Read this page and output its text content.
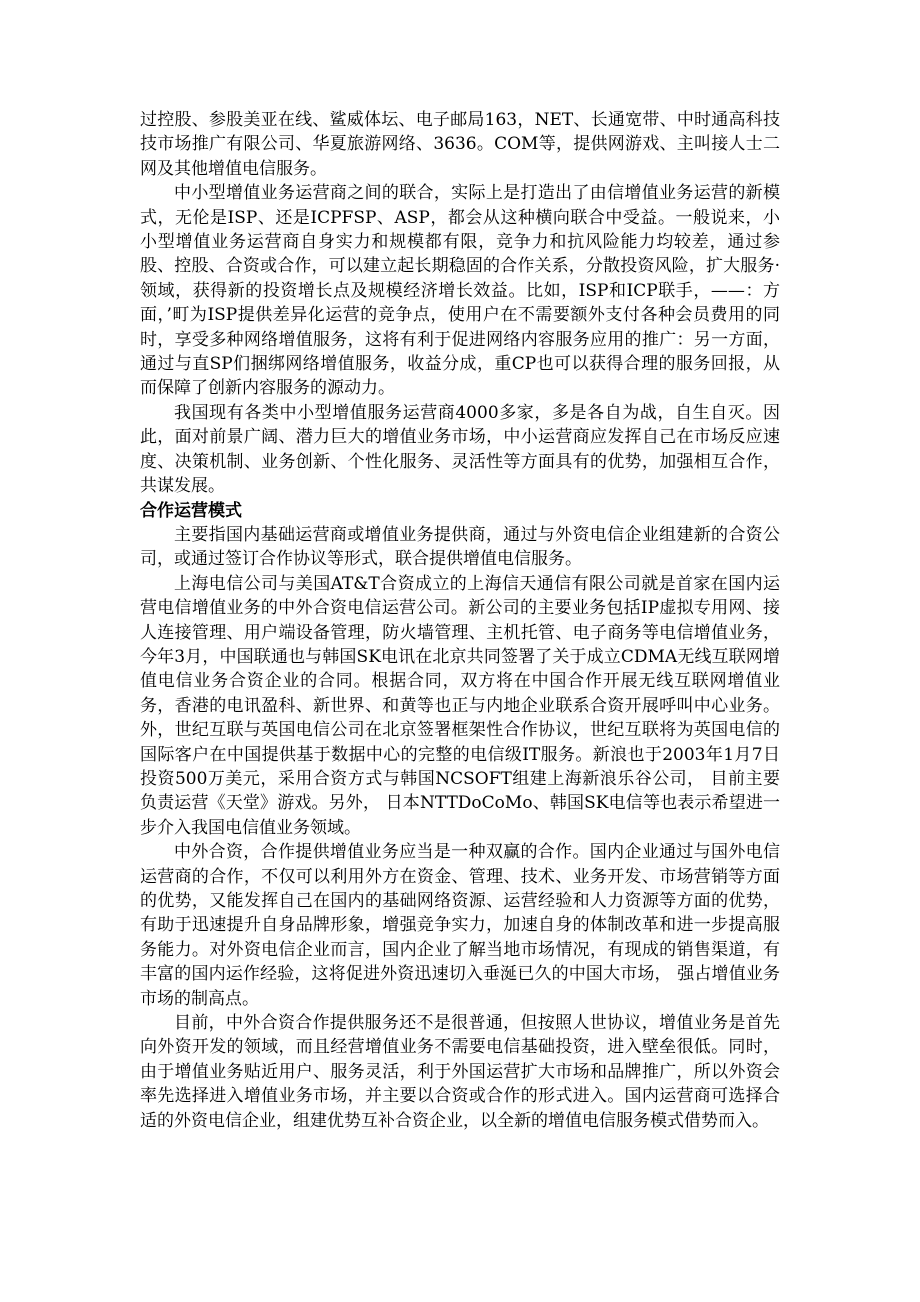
过控股、参股美亚在线、鲨威体坛、电子邮局163，NET、长通宽带、中时通高科技技市场推广有限公司、华夏旅游网络、3636。COM等，提供网游戏、主叫接人士二网及其他增值电信服务。

中小型增值业务运营商之间的联合，实际上是打造出了由信增值业务运营的新模式，无伦是ISP、还是ICPFSP、ASP，都会从这种横向联合中受益。一般说来，小小型增值业务运营商自身实力和规模都有限，竞争力和抗风险能力均较差，通过参股、控股、合资或合作，可以建立起长期稳固的合作关系，分散投资风险，扩大服务·领域，获得新的投资增长点及规模经济增长效益。比如，ISP和ICP联手，——：方面，’町为ISP提供差异化运营的竞争点，使用户在不需要额外支付各种会员费用的同时，享受多种网络增值服务，这将有利于促进网络内容服务应用的推广：另一方面，通过与直SP们捆绑网络增值服务，收益分成，重CP也可以获得合理的服务回报，从而保障了创新内容服务的源动力。

我国现有各类中小型增值服务运营商4000多家，多是各自为战，自生自灭。因此，面对前景广阔、潜力巨大的增值业务市场，中小运营商应发挥自己在市场反应速度、决策机制、业务创新、个性化服务、灵活性等方面具有的优势，加强相互合作，共谋发展。

合作运营模式

主要指国内基础运营商或增值业务提供商，通过与外资电信企业组建新的合资公司，或通过签订合作协议等形式，联合提供增值电信服务。

上海电信公司与美国AT&T合资成立的上海信天通信有限公司就是首家在国内运营电信增值业务的中外合资电信运营公司。新公司的主要业务包括IP虚拟专用网、接人连接管理、用户端设备管理，防火墙管理、主机托管、电子商务等电信增值业务，今年3月，中国联通也与韩国SK电讯在北京共同签署了关于成立CDMA无线互联网增值电信业务合资企业的合同。根据合同，双方将在中国合作开展无线互联网增值业务，香港的电讯盈科、新世界、和黄等也正与内地企业联系合资开展呼叫中心业务。外，世纪互联与英国电信公司在北京签署框架性合作协议，世纪互联将为英国电信的国际客户在中国提供基于数据中心的完整的电信级IT服务。新浪也于2003年1月7日投资500万美元，采用合资方式与韩国NCSOFT组建上海新浪乐谷公司， 目前主要负责运营《天堂》游戏。另外， 日本NTTDoCoMo、韩国SK电信等也表示希望进一步介入我国电信值业务领域。

中外合资，合作提供增值业务应当是一种双赢的合作。国内企业通过与国外电信运营商的合作，不仅可以利用外方在资金、管理、技术、业务开发、市场营销等方面的优势，又能发挥自己在国内的基础网络资源、运营经验和人力资源等方面的优势，有助于迅速提升自身品牌形象，增强竞争实力，加速自身的体制改革和进一步提高服务能力。对外资电信企业而言，国内企业了解当地市场情况，有现成的销售渠道，有丰富的国内运作经验，这将促进外资迅速切入垂涎已久的中国大市场， 强占增值业务市场的制高点。

目前，中外合资合作提供服务还不是很普通，但按照人世协议，增值业务是首先向外资开发的领域，而且经营增值业务不需要电信基础投资，进入壁垒很低。同时，由于增值业务贴近用户、服务灵活，利于外国运营扩大市场和品牌推广，所以外资会率先选择进入增值业务市场，并主要以合资或合作的形式进入。国内运营商可选择合适的外资电信企业，组建优势互补合资企业，以全新的增值电信服务模式借势而入。
